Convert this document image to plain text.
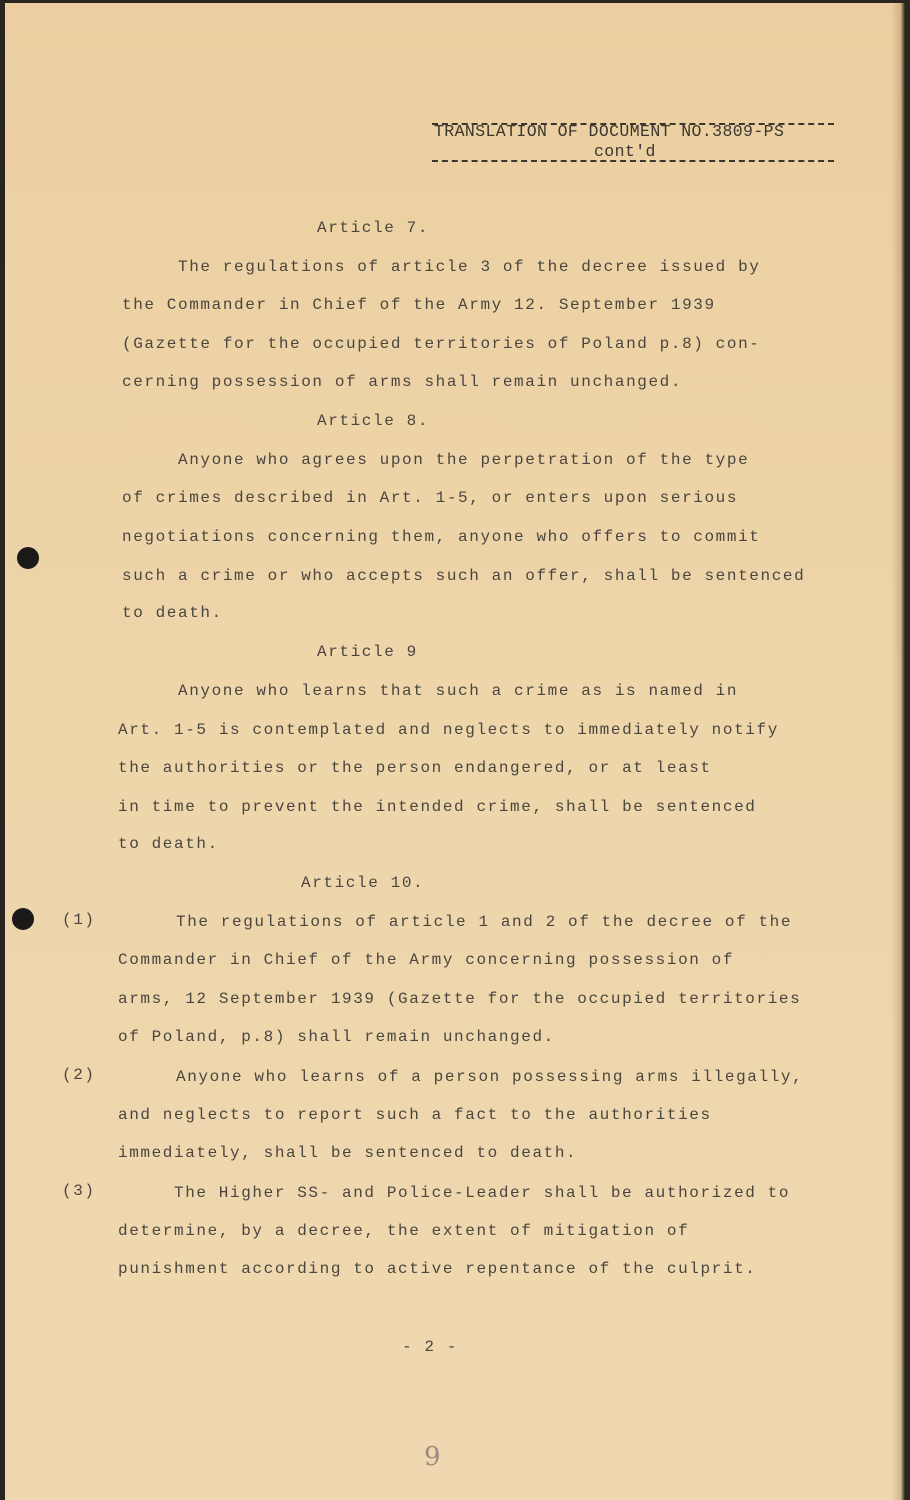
TRANSLATION OF DOCUMENT NO.3809-PS
cont'd
Article 7.
The regulations of article 3 of the decree issued by
the Commander in Chief of the Army 12. September 1939
(Gazette for the occupied territories of Poland p.8) con-
cerning possession of arms shall remain unchanged.
Article 8.
Anyone who agrees upon the perpetration of the type
of crimes described in Art. 1-5, or enters upon serious
negotiations concerning them, anyone who offers to commit
such a crime or who accepts such an offer, shall be sentenced
to death.
Article 9
Anyone who learns that such a crime as is named in
Art. 1-5 is contemplated and neglects to immediately notify
the authorities or the person endangered, or at least
in time to prevent the intended crime, shall be sentenced
to death.
Article 10.
(1)	The regulations of article 1 and 2 of the decree of the
Commander in Chief of the Army concerning possession of
arms, 12 September 1939 (Gazette for the occupied territories
of Poland, p.8) shall remain unchanged.
(2)	Anyone who learns of a person possessing arms illegally,
and neglects to report such a fact to the authorities
immediately, shall be sentenced to death.
(3)	The Higher SS- and Police-Leader shall be authorized to
determine, by a decree, the extent of mitigation of
punishment according to active repentance of the culprit.
- 2 -
9
